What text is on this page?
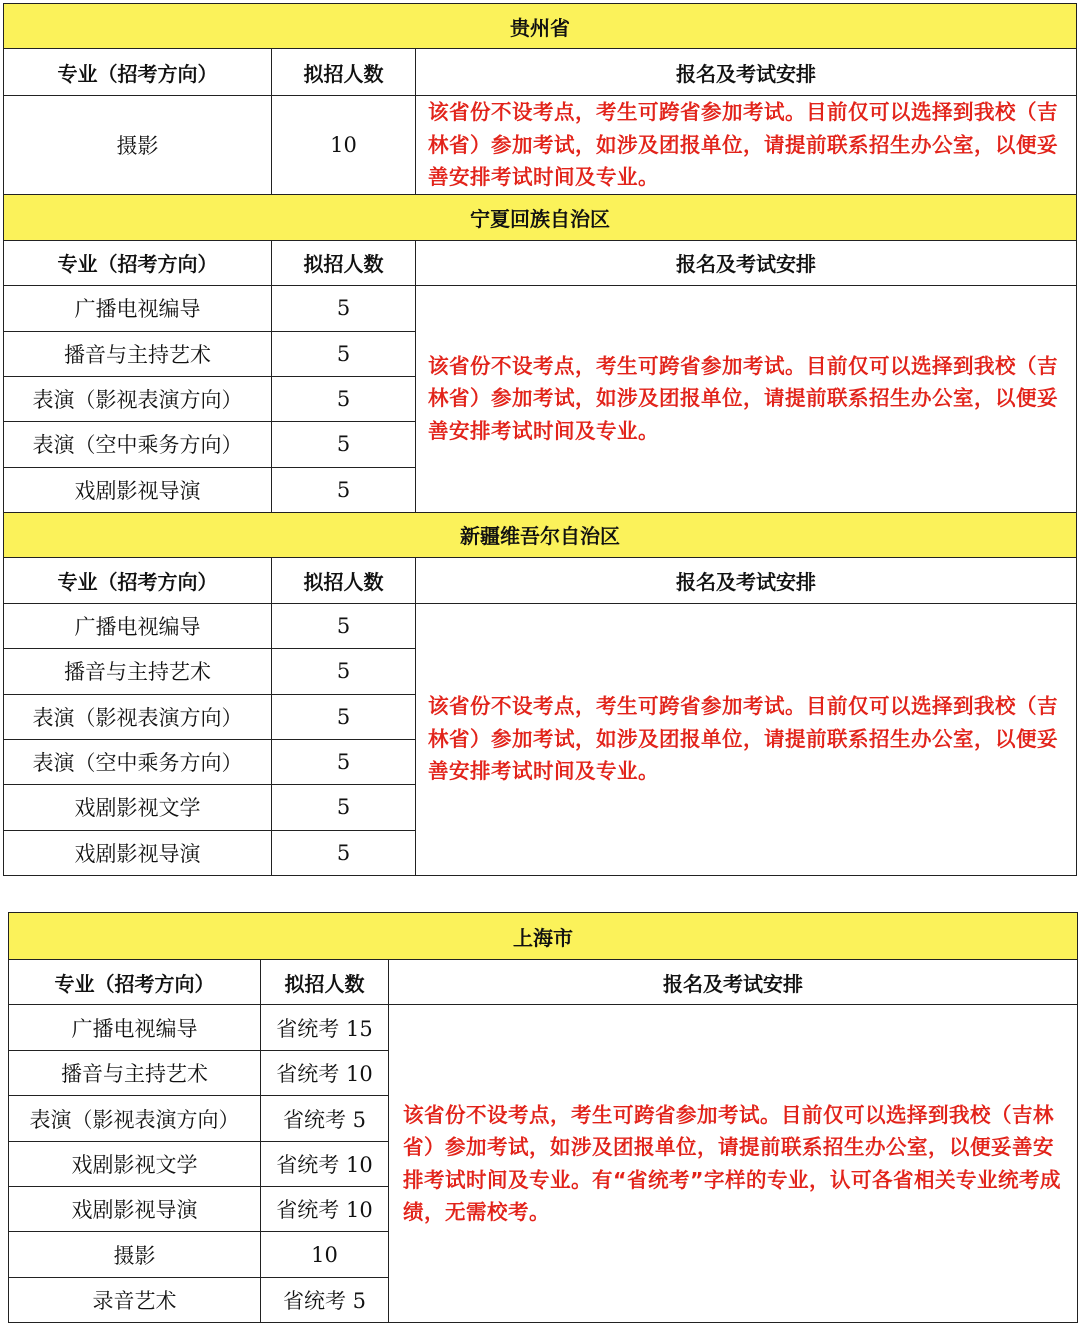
贵州省		
专业（招考方向）	拟招人数	报名及考试安排
摄影	10	该省份不设考点，考生可跨省参加考试。目前仅可以选择到我校（吉林省）参加考试，如涉及团报单位，请提前联系招生办公室，以便妥善安排考试时间及专业。
宁夏回族自治区		
专业（招考方向）	拟招人数	报名及考试安排
广播电视编导	5	该省份不设考点，考生可跨省参加考试。目前仅可以选择到我校（吉林省）参加考试，如涉及团报单位，请提前联系招生办公室，以便妥善安排考试时间及专业。
播音与主持艺术	5	
表演（影视表演方向）	5	
表演（空中乘务方向）	5	
戏剧影视导演	5	
新疆维吾尔自治区		
专业（招考方向）	拟招人数	报名及考试安排
广播电视编导	5	该省份不设考点，考生可跨省参加考试。目前仅可以选择到我校（吉林省）参加考试，如涉及团报单位，请提前联系招生办公室，以便妥善安排考试时间及专业。
播音与主持艺术	5	
表演（影视表演方向）	5	
表演（空中乘务方向）	5	
戏剧影视文学	5	
戏剧影视导演	5	
上海市		
专业（招考方向）	拟招人数	报名及考试安排
广播电视编导	省统考 15	该省份不设考点，考生可跨省参加考试。目前仅可以选择到我校（吉林省）参加考试，如涉及团报单位，请提前联系招生办公室，以便妥善安排考试时间及专业。有“省统考”字样的专业，认可各省相关专业统考成绩，无需校考。
播音与主持艺术	省统考 10	
表演（影视表演方向）	省统考 5	
戏剧影视文学	省统考 10	
戏剧影视导演	省统考 10	
摄影	10	
录音艺术	省统考 5	
